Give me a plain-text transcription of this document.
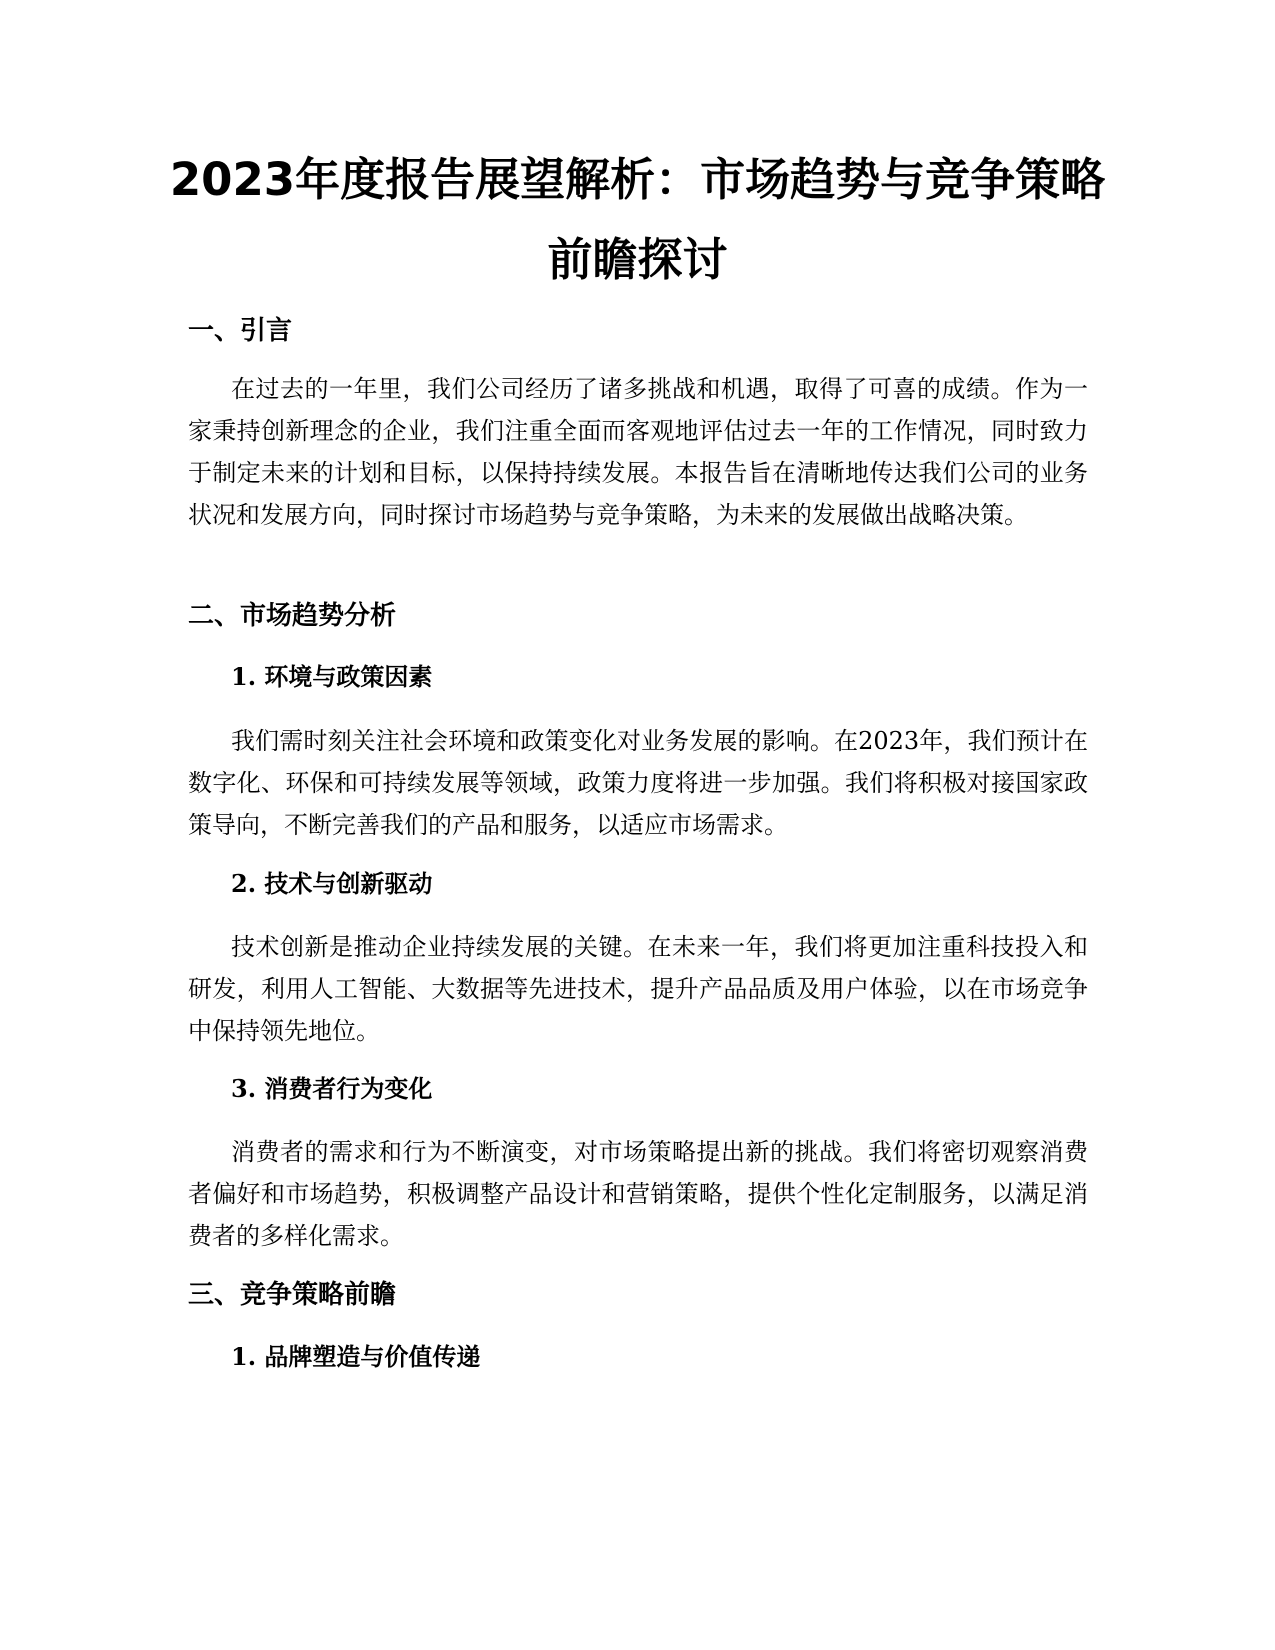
2023年度报告展望解析：市场趋势与竞争策略前瞻探讨
一、引言

在过去的一年里，我们公司经历了诸多挑战和机遇，取得了可喜的成绩。作为一家秉持创新理念的企业，我们注重全面而客观地评估过去一年的工作情况，同时致力于制定未来的计划和目标，以保持持续发展。本报告旨在清晰地传达我们公司的业务状况和发展方向，同时探讨市场趋势与竞争策略，为未来的发展做出战略决策。

二、市场趋势分析
1. 环境与政策因素

我们需时刻关注社会环境和政策变化对业务发展的影响。在2023年，我们预计在数字化、环保和可持续发展等领域，政策力度将进一步加强。我们将积极对接国家政策导向，不断完善我们的产品和服务，以适应市场需求。

2. 技术与创新驱动

技术创新是推动企业持续发展的关键。在未来一年，我们将更加注重科技投入和研发，利用人工智能、大数据等先进技术，提升产品品质及用户体验，以在市场竞争中保持领先地位。

3. 消费者行为变化

消费者的需求和行为不断演变，对市场策略提出新的挑战。我们将密切观察消费者偏好和市场趋势，积极调整产品设计和营销策略，提供个性化定制服务，以满足消费者的多样化需求。

三、竞争策略前瞻
1. 品牌塑造与价值传递
